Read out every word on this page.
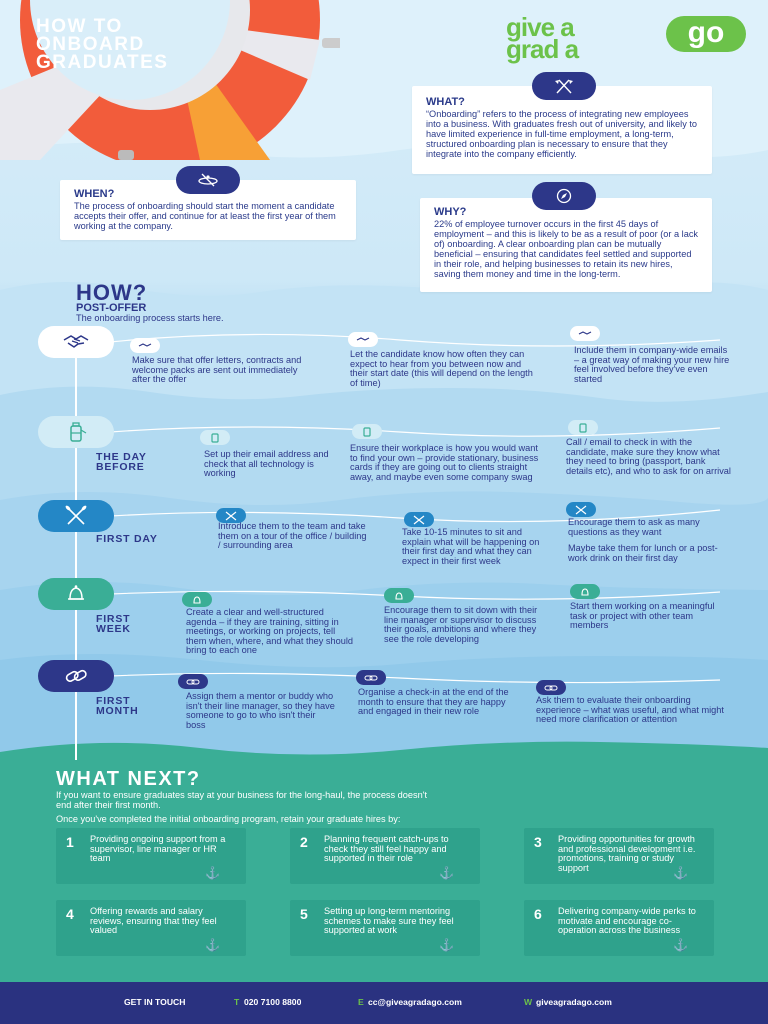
HOW TO
ONBOARD
GRADUATES
give a
grad a	go
WHAT?

“Onboarding” refers to the process of integrating new employees into a business. With graduates fresh out of university, and likely to have limited experience in full-time employment, a long-term, structured onboarding plan is necessary to ensure that they integrate into the company efficiently.

WHEN?

The process of onboarding should start the moment a candidate accepts their offer, and continue for at least the first year of them working at the company.

WHY?

22% of employee turnover occurs in the first 45 days of employment – and this is likely to be as a result of poor (or a lack of) onboarding. A clear onboarding plan can be mutually beneficial – ensuring that candidates feel settled and supported in their role, and helping businesses to retain its new hires, saving them money and time in the long-term.

HOW?
POST-OFFER
The onboarding process starts here.
Make sure that offer letters, contracts and welcome packs are sent out immediately after the offer
Let the candidate know how often they can expect to hear from you between now and their start date (this will depend on the length of time)
Include them in company-wide emails – a great way of making your new hire feel involved before they've even started
THE DAY
BEFORE
Set up their email address and check that all technology is working
Ensure their workplace is how you would want to find your own – provide stationary, business cards if they are going out to clients straight away, and maybe even some company swag
Call / email to check in with the candidate, make sure they know what they need to bring (passport, bank details etc), and who to ask for on arrival
FIRST DAY
Introduce them to the team and take them on a tour of the office / building / surrounding area
Take 10-15 minutes to sit and explain what will be happening on their first day and what they can expect in their first week
Encourage them to ask as many questions as they want
Maybe take them for lunch or a post-work drink on their first day
FIRST
WEEK
Create a clear and well-structured agenda – if they are training, sitting in meetings, or working on projects, tell them when, where, and what they should bring to each one
Encourage them to sit down with their line manager or supervisor to discuss their goals, ambitions and where they see the role developing
Start them working on a meaningful task or project with other team members
FIRST
MONTH
Assign them a mentor or buddy who isn't their line manager, so they have someone to go to who isn't their boss
Organise a check-in at the end of the month to ensure that they are happy and engaged in their new role
Ask them to evaluate their onboarding experience – what was useful, and what might need more clarification or attention
WHAT NEXT?
If you want to ensure graduates stay at your business for the long-haul, the process doesn't end after their first month.
Once you've completed the initial onboarding program, retain your graduate hires by:
1 Providing ongoing support from a supervisor, line manager or HR team
⚓
2 Planning frequent catch-ups to check they still feel happy and supported in their role
⚓
3 Providing opportunities for growth and professional development i.e. promotions, training or study support	⚓
4 Offering rewards and salary reviews, ensuring that they feel valued
⚓
5 Setting up long-term mentoring schemes to make sure they feel supported at work
⚓
6 Delivering company-wide perks to motivate and encourage co-operation across the business
⚓
GET IN TOUCH	T 020 7100 8800	E cc@giveagradago.com	W giveagradago.com
